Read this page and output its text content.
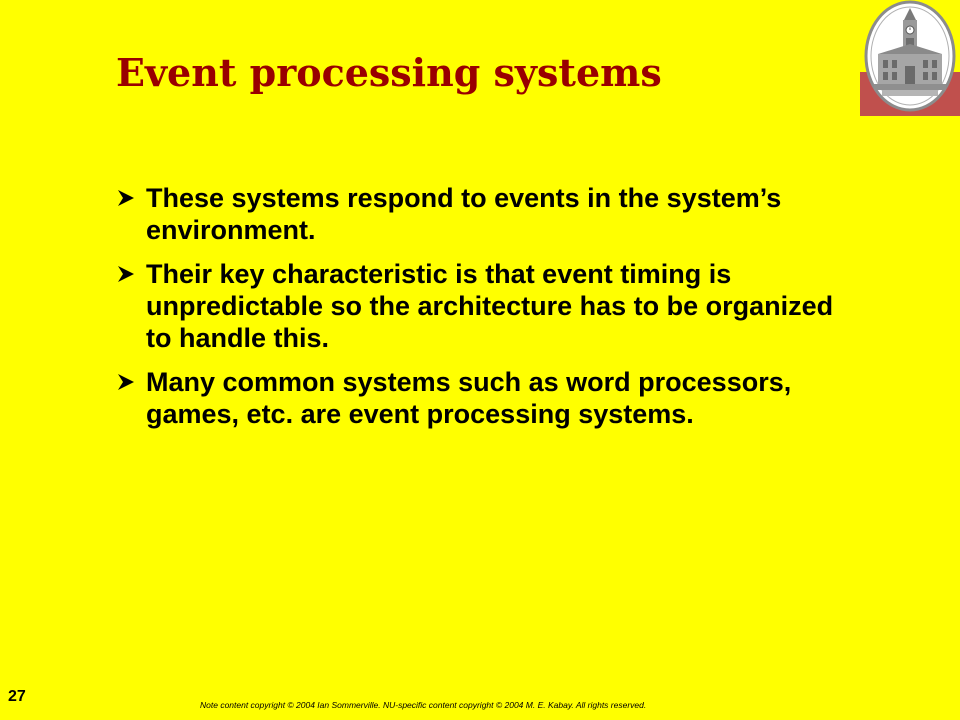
Event processing systems
These systems respond to events in the system’s environment.
Their key characteristic is that event timing is unpredictable so the architecture has to be organized to handle this.
Many common systems such as word processors, games, etc. are event processing systems.
27	Note content copyright © 2004 Ian Sommerville. NU-specific content copyright © 2004 M. E. Kabay. All rights reserved.
